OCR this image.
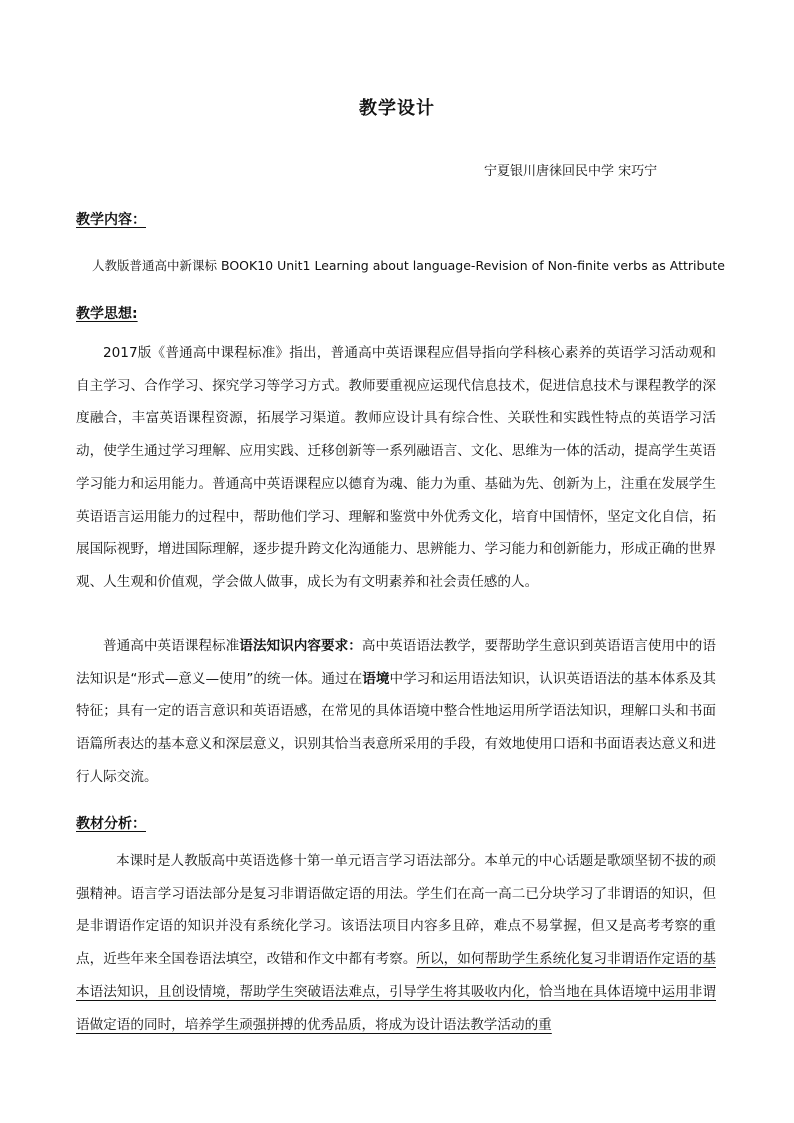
教学设计
宁夏银川唐徕回民中学 宋巧宁
教学内容：
人教版普通高中新课标 BOOK10 Unit1 Learning about language-Revision of Non-finite verbs as Attribute
教学思想:

2017版《普通高中课程标准》指出，普通高中英语课程应倡导指向学科核心素养的英语学习活动观和自主学习、合作学习、探究学习等学习方式。教师要重视应运现代信息技术，促进信息技术与课程教学的深度融合，丰富英语课程资源，拓展学习渠道。教师应设计具有综合性、关联性和实践性特点的英语学习活动，使学生通过学习理解、应用实践、迁移创新等一系列融语言、文化、思维为一体的活动，提高学生英语学习能力和运用能力。普通高中英语课程应以德育为魂、能力为重、基础为先、创新为上，注重在发展学生英语语言运用能力的过程中，帮助他们学习、理解和鉴赏中外优秀文化，培育中国情怀，坚定文化自信，拓展国际视野，增进国际理解，逐步提升跨文化沟通能力、思辨能力、学习能力和创新能力，形成正确的世界观、人生观和价值观，学会做人做事，成长为有文明素养和社会责任感的人。

普通高中英语课程标准语法知识内容要求：高中英语语法教学，要帮助学生意识到英语语言使用中的语法知识是“形式—意义—使用”的统一体。通过在语境中学习和运用语法知识，认识英语语法的基本体系及其特征；具有一定的语言意识和英语语感，在常见的具体语境中整合性地运用所学语法知识，理解口头和书面语篇所表达的基本意义和深层意义，识别其恰当表意所采用的手段，有效地使用口语和书面语表达意义和进行人际交流。

教材分析：

本课时是人教版高中英语选修十第一单元语言学习语法部分。本单元的中心话题是歌颂坚韧不拔的顽强精神。语言学习语法部分是复习非谓语做定语的用法。学生们在高一高二已分块学习了非谓语的知识，但是非谓语作定语的知识并没有系统化学习。该语法项目内容多且碎，难点不易掌握，但又是高考考察的重点，近些年来全国卷语法填空，改错和作文中都有考察。所以，如何帮助学生系统化复习非谓语作定语的基本语法知识，且创设情境，帮助学生突破语法难点，引导学生将其吸收内化，恰当地在具体语境中运用非谓语做定语的同时，培养学生顽强拼搏的优秀品质，将成为设计语法教学活动的重
